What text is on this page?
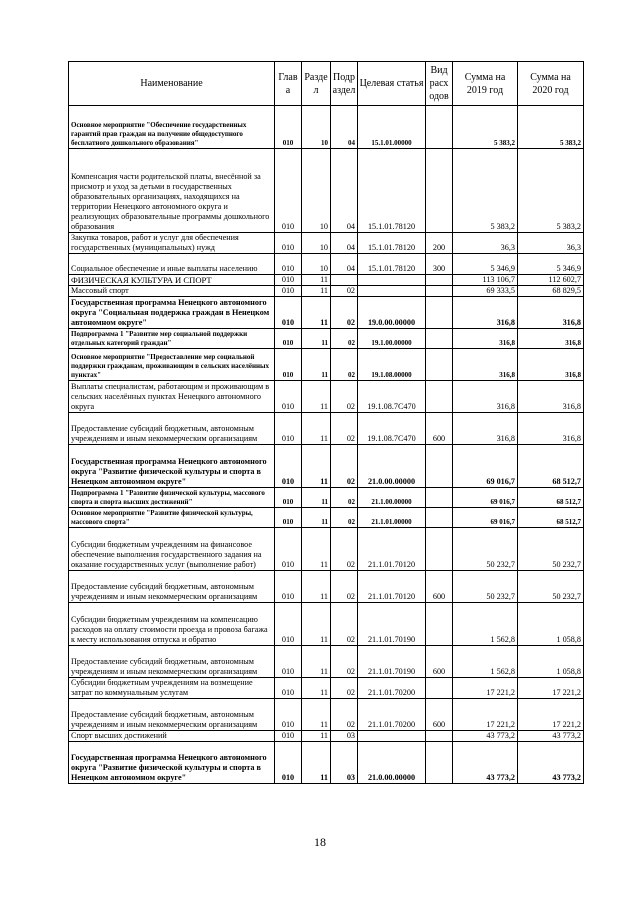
Наименование	Глав а	Разде л	Подр аздел	Целевая статья	Вид расх одов	Сумма на 2019 год	Сумма на 2020 год
Основное мероприятие "Обеспечение государственных гарантий прав граждан на получение общедоступного бесплатного дошкольного образования"	010	10	04	15.1.01.00000		5 383,2	5 383,2
Компенсация части родительской платы, внесённой за присмотр и уход за детьми в государственных образовательных организациях, находящихся на территории Ненецкого автономного округа и реализующих образовательные программы дошкольного образования	010	10	04	15.1.01.78120		5 383,2	5 383,2
Закупка товаров, работ и услуг для обеспечения государственных (муниципальных) нужд	010	10	04	15.1.01.78120	200	36,3	36,3
Социальное обеспечение и иные выплаты населению	010	10	04	15.1.01.78120	300	5 346,9	5 346,9
ФИЗИЧЕСКАЯ КУЛЬТУРА И СПОРТ	010	11				113 106,7	112 602,7
Массовый спорт	010	11	02			69 333,5	68 829,5
Государственная программа Ненецкого автономного округа "Социальная поддержка граждан в Ненецком автономном округе"	010	11	02	19.0.00.00000		316,8	316,8
Подпрограмма 1 "Развитие мер социальной поддержки отдельных категорий граждан"	010	11	02	19.1.00.00000		316,8	316,8
Основное мероприятие "Предоставление мер социальной поддержки гражданам, проживающим в сельских населённых пунктах"	010	11	02	19.1.08.00000		316,8	316,8
Выплаты специалистам, работающим и проживающим в сельских населённых пунктах Ненецкого автономного округа	010	11	02	19.1.08.7С470		316,8	316,8
Предоставление субсидий бюджетным, автономным учреждениям и иным некоммерческим организациям	010	11	02	19.1.08.7С470	600	316,8	316,8
Государственная программа Ненецкого автономного округа "Развитие физической культуры и спорта в Ненецком автономном округе"	010	11	02	21.0.00.00000		69 016,7	68 512,7
Подпрограмма 1 "Развитие физической культуры, массового спорта и спорта высших достижений"	010	11	02	21.1.00.00000		69 016,7	68 512,7
Основное мероприятие "Развитие физической культуры, массового спорта"	010	11	02	21.1.01.00000		69 016,7	68 512,7
Субсидии бюджетным учреждениям на финансовое обеспечение выполнения государственного задания на оказание государственных услуг (выполнение работ)	010	11	02	21.1.01.70120		50 232,7	50 232,7
Предоставление субсидий бюджетным, автономным учреждениям и иным некоммерческим организациям	010	11	02	21.1.01.70120	600	50 232,7	50 232,7
Субсидии бюджетным учреждениям на компенсацию расходов на оплату стоимости проезда и провоза багажа к месту использования отпуска и обратно	010	11	02	21.1.01.70190		1 562,8	1 058,8
Предоставление субсидий бюджетным, автономным учреждениям и иным некоммерческим организациям	010	11	02	21.1.01.70190	600	1 562,8	1 058,8
Субсидии бюджетным учреждениям на возмещение затрат по коммунальным услугам	010	11	02	21.1.01.70200		17 221,2	17 221,2
Предоставление субсидий бюджетным, автономным учреждениям и иным некоммерческим организациям	010	11	02	21.1.01.70200	600	17 221,2	17 221,2
Спорт высших достижений	010	11	03			43 773,2	43 773,2
Государственная программа Ненецкого автономного округа "Развитие физической культуры и спорта в Ненецком автономном округе"	010	11	03	21.0.00.00000		43 773,2	43 773,2
18
